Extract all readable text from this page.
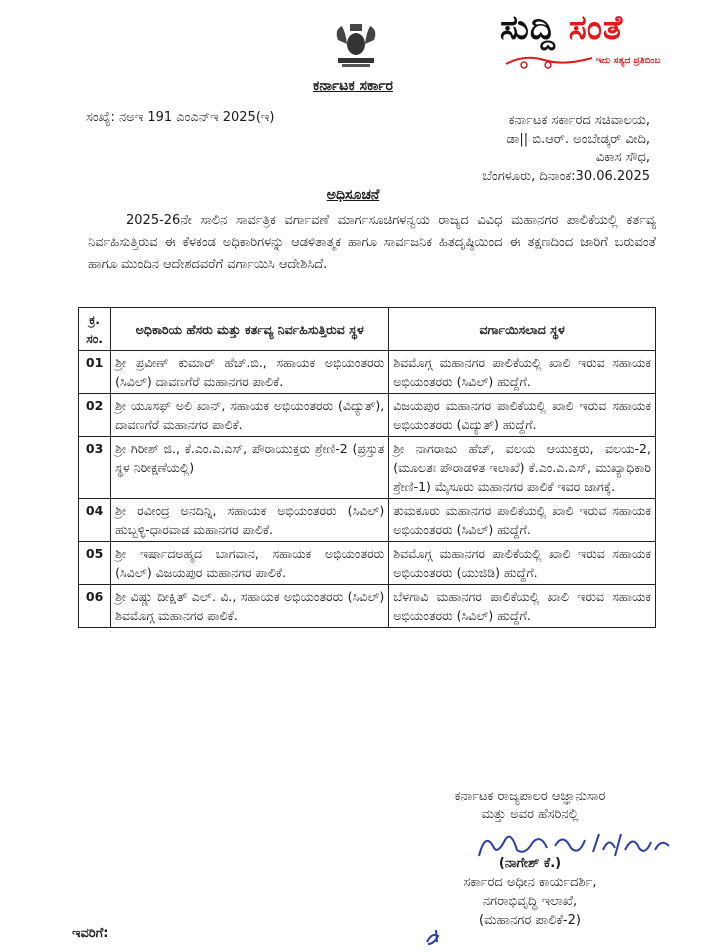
ಸುದ್ದಿ ಸಂತೆ
ಇದು ಸತ್ಯದ ಪ್ರತಿಬಿಂಬ
ಕರ್ನಾಟಕ ಸರ್ಕಾರ
ಸಂಖ್ಯೆ: ನಅಇ 191 ಎಂಎನ್‌ಇ 2025(ಇ)	ಕರ್ನಾಟಕ ಸರ್ಕಾರದ ಸಚಿವಾಲಯ,
ಡಾ|| ಬಿ.ಆರ್. ಅಂಬೇಡ್ಕರ್ ವೀದಿ,
ವಿಕಾಸ ಸೌಧ,
ಬೆಂಗಳೂರು, ದಿನಾಂಕ:30.06.2025
ಅಧಿಸೂಚನೆ
2025-26ನೇ ಸಾಲಿನ ಸಾರ್ವತ್ರಿಕ ವರ್ಗಾವಣೆ ಮಾರ್ಗಸೂಚಿಗಳನ್ವಯ ರಾಜ್ಯದ ವಿವಿಧ ಮಹಾನಗರ ಪಾಲಿಕೆಯಲ್ಲಿ ಕರ್ತವ್ಯ ನಿರ್ವಹಿಸುತ್ತಿರುವ ಈ ಕೆಳಕಂಡ ಅಧಿಕಾರಿಗಳನ್ನು ಆಡಳಿತಾತ್ಮಕ ಹಾಗೂ ಸಾರ್ವಜನಿಕ ಹಿತದೃಷ್ಠಿಯಿಂದ ಈ ತಕ್ಷಣದಿಂದ ಜಾರಿಗೆ ಬರುವಂತೆ ಹಾಗೂ ಮುಂದಿನ ಆದೇಶದವರೆಗೆ ವರ್ಗಾಯಿಸಿ ಆದೇಶಿಸಿದೆ.
ಕ್ರ. ಸಂ.	ಅಧಿಕಾರಿಯ ಹೆಸರು ಮತ್ತು ಕರ್ತವ್ಯ ನಿರ್ವಹಿಸುತ್ತಿರುವ ಸ್ಥಳ	ವರ್ಗಾಯಿಸಲಾದ ಸ್ಥಳ
01	ಶ್ರೀ ಪ್ರವೀಣ್ ಕುಮಾರ್ ಹೆಚ್.ಬಿ., ಸಹಾಯಕ ಅಭಿಯಂತರರು (ಸಿವಿಲ್) ದಾವಣಗೆರೆ ಮಹಾನಗರ ಪಾಲಿಕೆ.	ಶಿವಮೊಗ್ಗ ಮಹಾನಗರ ಪಾಲಿಕೆಯಲ್ಲಿ ಖಾಲಿ ಇರುವ ಸಹಾಯಕ ಅಭಿಯಂತರರು (ಸಿವಿಲ್) ಹುದ್ದೆಗೆ.
02	ಶ್ರೀ ಯೂಸಫ್ ಅಲಿ ಖಾನ್, ಸಹಾಯಕ ಅಭಿಯಂತರರು (ವಿದ್ಯುತ್), ದಾವಣಗೆರೆ ಮಹಾನಗರ ಪಾಲಿಕೆ.	ವಿಜಯಪುರ ಮಹಾನಗರ ಪಾಲಿಕೆಯಲ್ಲಿ ಖಾಲಿ ಇರುವ ಸಹಾಯಕ ಅಭಿಯಂತರರು (ವಿದ್ಯುತ್) ಹುದ್ದೆಗೆ.
03	ಶ್ರೀ ಗಿರೀಶ್ ಜಿ., ಕೆ.ಎಂ.ಎ.ಎಸ್, ಪೌರಾಯುಕ್ತರು ಶ್ರೇಣಿ-2 (ಪ್ರಸ್ತುತ ಸ್ಥಳ ನಿರೀಕ್ಷಣೆಯಲ್ಲಿ)	ಶ್ರೀ ನಾಗರಾಜು ಹೆಚ್, ವಲಯ ಆಯುಕ್ತರು, ವಲಯ-2, (ಮೂಲತಃ ಪೌರಾಡಳಿತ ಇಲಾಖೆ) ಕೆ.ಎಂ.ಎ.ಎಸ್, ಮುಖ್ಯಾಧಿಕಾರಿ ಶ್ರೇಣಿ-1) ಮೈಸೂರು ಮಹಾನಗರ ಪಾಲಿಕೆ ಇವರ ಜಾಗಕ್ಕೆ.
04	ಶ್ರೀ ರವೀಂದ್ರ ಅನದಿನ್ನಿ, ಸಹಾಯಕ ಅಭಿಯಂತರರು (ಸಿವಿಲ್) ಹುಬ್ಬಳ್ಳಿ-ಧಾರವಾಡ ಮಹಾನಗರ ಪಾಲಿಕೆ.	ತುಮಕೂರು ಮಹಾನಗರ ಪಾಲಿಕೆಯಲ್ಲಿ ಖಾಲಿ ಇರುವ ಸಹಾಯಕ ಅಭಿಯಂತರರು (ಸಿವಿಲ್) ಹುದ್ದೆಗೆ.
05	ಶ್ರೀ ಇರ್ಷಾದಅಹ್ಮದ ಬಾಗವಾನ, ಸಹಾಯಕ ಅಭಿಯಂತರರು (ಸಿವಿಲ್) ವಿಜಯಪುರ ಮಹಾನಗರ ಪಾಲಿಕೆ.	ಶಿವಮೊಗ್ಗ ಮಹಾನಗರ ಪಾಲಿಕೆಯಲ್ಲಿ ಖಾಲಿ ಇರುವ ಸಹಾಯಕ ಅಭಿಯಂತರರು (ಯುಜಿಡಿ) ಹುದ್ದೆಗೆ.
06	ಶ್ರೀ ವಿಷ್ಣು ದೀಕ್ಷಿತ್ ಎಲ್. ವಿ., ಸಹಾಯಕ ಅಭಿಯಂತರರು (ಸಿವಿಲ್) ಶಿವಮೊಗ್ಗ ಮಹಾನಗರ ಪಾಲಿಕೆ.	ಬೆಳಗಾವಿ ಮಹಾನಗರ ಪಾಲಿಕೆಯಲ್ಲಿ ಖಾಲಿ ಇರುವ ಸಹಾಯಕ ಅಭಿಯಂತರರು (ಸಿವಿಲ್) ಹುದ್ದೆಗೆ.
ಕರ್ನಾಟಕ ರಾಜ್ಯಪಾಲರ ಆಜ್ಞಾನುಸಾರ
ಮತ್ತು ಅವರ ಹೆಸರಿನಲ್ಲಿ
(ನಾಗೇಶ್ ಕೆ.)
ಸರ್ಕಾರದ ಅಧೀನ ಕಾರ್ಯದರ್ಶಿ,
ನಗರಾಭಿವೃದ್ಧಿ ಇಲಾಖೆ,
(ಮಹಾನಗರ ಪಾಲಿಕೆ-2)
ಇವರಿಗೆ:
